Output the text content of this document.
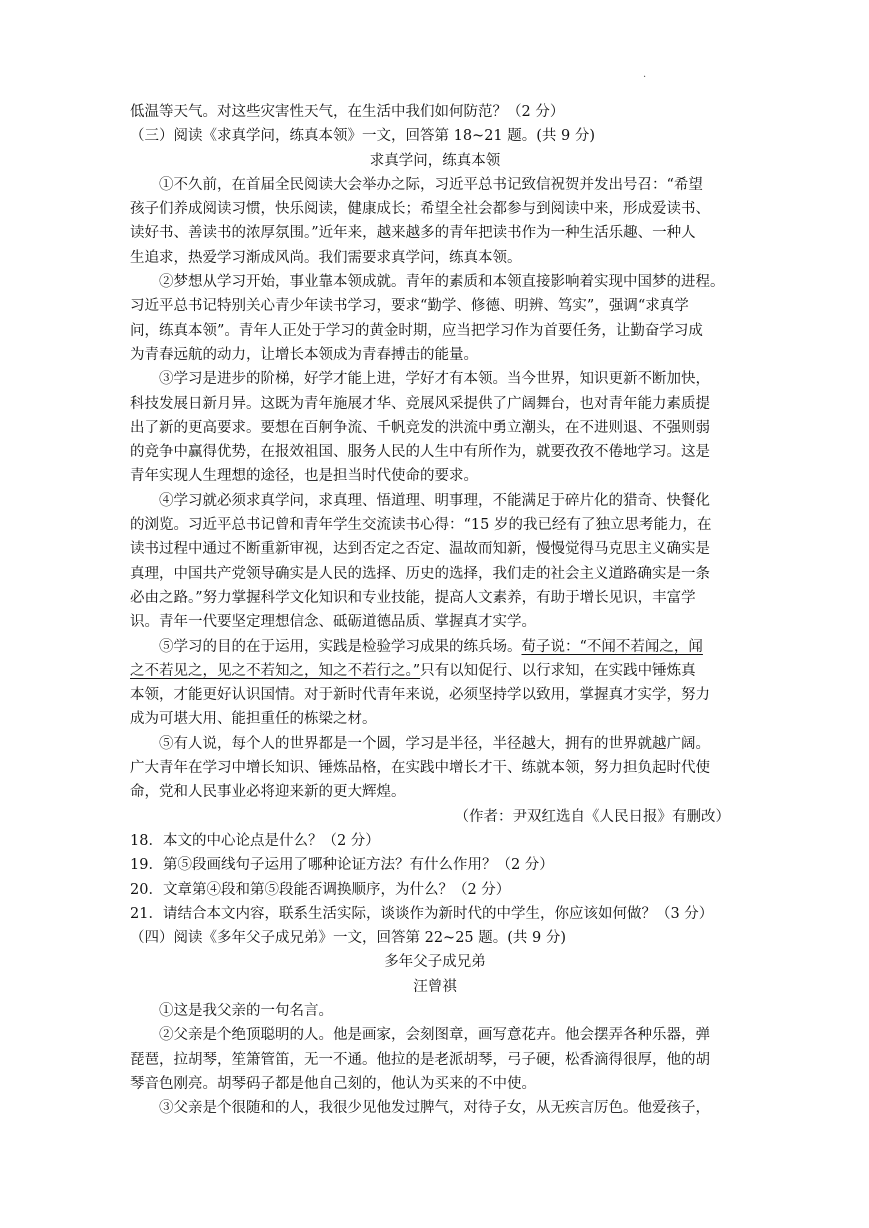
·
低温等天气。对这些灾害性天气，在生活中我们如何防范？（2 分）
（三）阅读《求真学问，练真本领》一文，回答第 18~21 题。(共 9 分)
求真学问，练真本领
①不久前，在首届全民阅读大会举办之际，习近平总书记致信祝贺并发出号召：“希望
孩子们养成阅读习惯，快乐阅读，健康成长；希望全社会都参与到阅读中来，形成爱读书、
读好书、善读书的浓厚氛围。”近年来，越来越多的青年把读书作为一种生活乐趣、一种人
生追求，热爱学习渐成风尚。我们需要求真学问，练真本领。
②梦想从学习开始，事业靠本领成就。青年的素质和本领直接影响着实现中国梦的进程。
习近平总书记特别关心青少年读书学习，要求“勤学、修德、明辨、笃实”，强调“求真学
问，练真本领”。青年人正处于学习的黄金时期，应当把学习作为首要任务，让勤奋学习成
为青春远航的动力，让增长本领成为青春搏击的能量。
③学习是进步的阶梯，好学才能上进，学好才有本领。当今世界，知识更新不断加快，
科技发展日新月异。这既为青年施展才华、竞展风采提供了广阔舞台，也对青年能力素质提
出了新的更高要求。要想在百舸争流、千帆竞发的洪流中勇立潮头，在不进则退、不强则弱
的竞争中赢得优势，在报效祖国、服务人民的人生中有所作为，就要孜孜不倦地学习。这是
青年实现人生理想的途径，也是担当时代使命的要求。
④学习就必须求真学问，求真理、悟道理、明事理，不能满足于碎片化的猎奇、快餐化
的浏览。习近平总书记曾和青年学生交流读书心得：“15 岁的我已经有了独立思考能力，在
读书过程中通过不断重新审视，达到否定之否定、温故而知新，慢慢觉得马克思主义确实是
真理，中国共产党领导确实是人民的选择、历史的选择，我们走的社会主义道路确实是一条
必由之路。”努力掌握科学文化知识和专业技能，提高人文素养，有助于增长见识，丰富学
识。青年一代要坚定理想信念、砥砺道德品质、掌握真才实学。
⑤学习的目的在于运用，实践是检验学习成果的练兵场。荀子说：“不闻不若闻之，闻
之不若见之，见之不若知之，知之不若行之。”只有以知促行、以行求知，在实践中锤炼真
本领，才能更好认识国情。对于新时代青年来说，必须坚持学以致用，掌握真才实学，努力
成为可堪大用、能担重任的栋梁之材。
⑤有人说，每个人的世界都是一个圆，学习是半径，半径越大，拥有的世界就越广阔。
广大青年在学习中增长知识、锤炼品格，在实践中增长才干、练就本领，努力担负起时代使
命，党和人民事业必将迎来新的更大辉煌。
（作者：尹双红选自《人民日报》有删改）
18．本文的中心论点是什么？（2 分）
19．第⑤段画线句子运用了哪种论证方法？有什么作用？（2 分）
20．文章第④段和第⑤段能否调换顺序，为什么？（2 分）
21．请结合本文内容，联系生活实际，谈谈作为新时代的中学生，你应该如何做？（3 分）
（四）阅读《多年父子成兄弟》一文，回答第 22~25 题。(共 9 分)
多年父子成兄弟
汪曾祺
①这是我父亲的一句名言。
②父亲是个绝顶聪明的人。他是画家，会刻图章，画写意花卉。他会摆弄各种乐器，弹
琵琶，拉胡琴，笙箫管笛，无一不通。他拉的是老派胡琴，弓子硬，松香滴得很厚，他的胡
琴音色刚亮。胡琴码子都是他自己刻的，他认为买来的不中使。
③父亲是个很随和的人，我很少见他发过脾气，对待子女，从无疾言厉色。他爱孩子，
